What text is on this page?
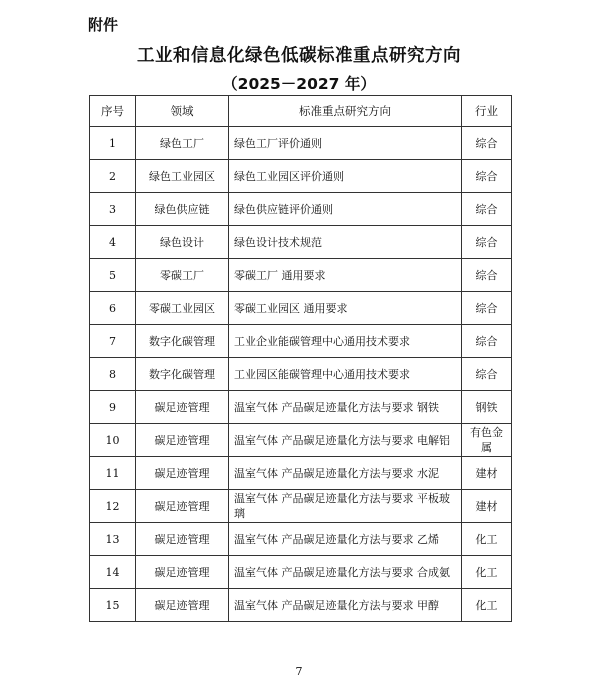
附件
工业和信息化绿色低碳标准重点研究方向
（2025－2027 年）
序号	领域	标准重点研究方向	行业
1	绿色工厂	绿色工厂评价通则	综合
2	绿色工业园区	绿色工业园区评价通则	综合
3	绿色供应链	绿色供应链评价通则	综合
4	绿色设计	绿色设计技术规范	综合
5	零碳工厂	零碳工厂 通用要求	综合
6	零碳工业园区	零碳工业园区 通用要求	综合
7	数字化碳管理	工业企业能碳管理中心通用技术要求	综合
8	数字化碳管理	工业园区能碳管理中心通用技术要求	综合
9	碳足迹管理	温室气体 产品碳足迹量化方法与要求 钢铁	钢铁
10	碳足迹管理	温室气体 产品碳足迹量化方法与要求 电解铝	有色金属
11	碳足迹管理	温室气体 产品碳足迹量化方法与要求 水泥	建材
12	碳足迹管理	温室气体 产品碳足迹量化方法与要求 平板玻璃	建材
13	碳足迹管理	温室气体 产品碳足迹量化方法与要求 乙烯	化工
14	碳足迹管理	温室气体 产品碳足迹量化方法与要求 合成氨	化工
15	碳足迹管理	温室气体 产品碳足迹量化方法与要求 甲醇	化工
7
